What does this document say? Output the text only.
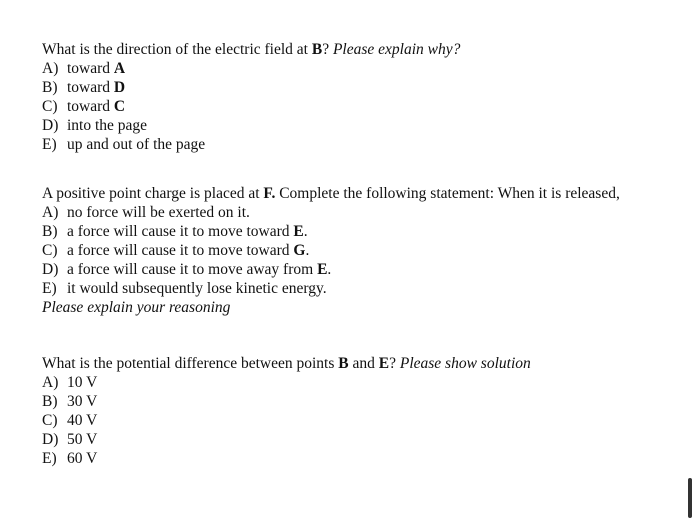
What is the direction of the electric field at B? Please explain why?
A) toward A
B) toward D
C) toward C
D) into the page
E) up and out of the page
A positive point charge is placed at F. Complete the following statement: When it is released,
A) no force will be exerted on it.
B) a force will cause it to move toward E.
C) a force will cause it to move toward G.
D) a force will cause it to move away from E.
E) it would subsequently lose kinetic energy.
Please explain your reasoning
What is the potential difference between points B and E? Please show solution
A) 10 V
B) 30 V
C) 40 V
D) 50 V
E) 60 V
